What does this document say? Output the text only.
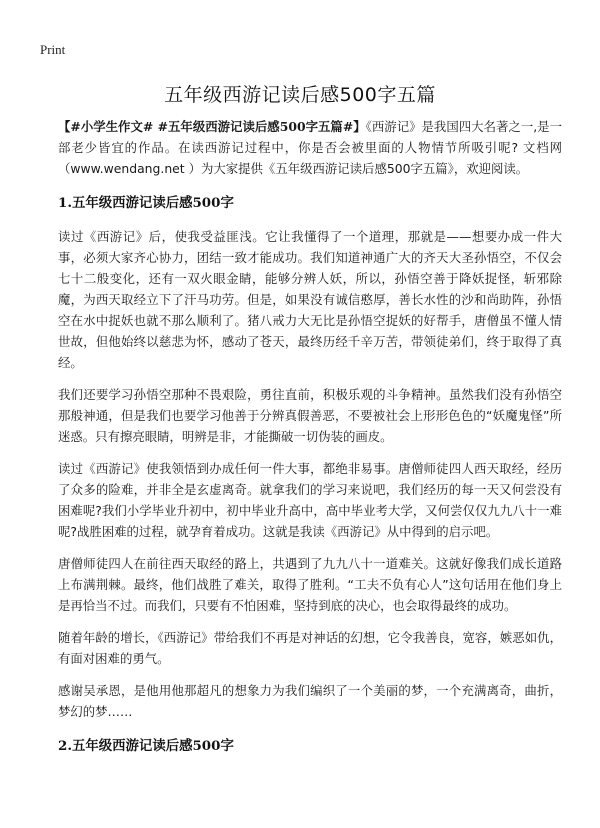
Print
五年级西游记读后感500字五篇

【#小学生作文# #五年级西游记读后感500字五篇#】《西游记》是我国四大名著之一,是一部老少皆宜的作品。在读西游记过程中，你是否会被里面的人物情节所吸引呢? 文档网（www.wendang.net ）为大家提供《五年级西游记读后感500字五篇》，欢迎阅读。

1.五年级西游记读后感500字

读过《西游记》后，使我受益匪浅。它让我懂得了一个道理，那就是——想要办成一件大事，必须大家齐心协力，团结一致才能成功。我们知道神通广大的齐天大圣孙悟空，不仅会七十二般变化，还有一双火眼金睛，能够分辨人妖，所以，孙悟空善于降妖捉怪，斩邪除魔，为西天取经立下了汗马功劳。但是，如果没有诚信憨厚，善长水性的沙和尚助阵，孙悟空在水中捉妖也就不那么顺利了。猪八戒力大无比是孙悟空捉妖的好帮手，唐僧虽不懂人情世故，但他始终以慈悲为怀，感动了苍天，最终历经千辛万苦，带领徒弟们，终于取得了真经。

我们还要学习孙悟空那种不畏艰险，勇往直前，积极乐观的斗争精神。虽然我们没有孙悟空那般神通，但是我们也要学习他善于分辨真假善恶，不要被社会上形形色色的“妖魔鬼怪”所迷惑。只有擦亮眼睛，明辨是非，才能撕破一切伪装的画皮。

读过《西游记》使我领悟到办成任何一件大事，都绝非易事。唐僧师徒四人西天取经，经历了众多的险难，并非全是玄虚离奇。就拿我们的学习来说吧，我们经历的每一天又何尝没有困难呢?我们小学毕业升初中，初中毕业升高中，高中毕业考大学，又何尝仅仅九九八十一难呢?战胜困难的过程，就孕育着成功。这就是我读《西游记》从中得到的启示吧。

唐僧师徒四人在前往西天取经的路上，共遇到了九九八十一道难关。这就好像我们成长道路上布满荆棘。最终，他们战胜了难关，取得了胜利。“工夫不负有心人”这句话用在他们身上是再恰当不过。而我们，只要有不怕困难，坚持到底的决心，也会取得最终的成功。

随着年龄的增长，《西游记》带给我们不再是对神话的幻想，它令我善良，宽容，嫉恶如仇，有面对困难的勇气。

感谢吴承恩，是他用他那超凡的想象力为我们编织了一个美丽的梦，一个充满离奇，曲折，梦幻的梦……

2.五年级西游记读后感500字
